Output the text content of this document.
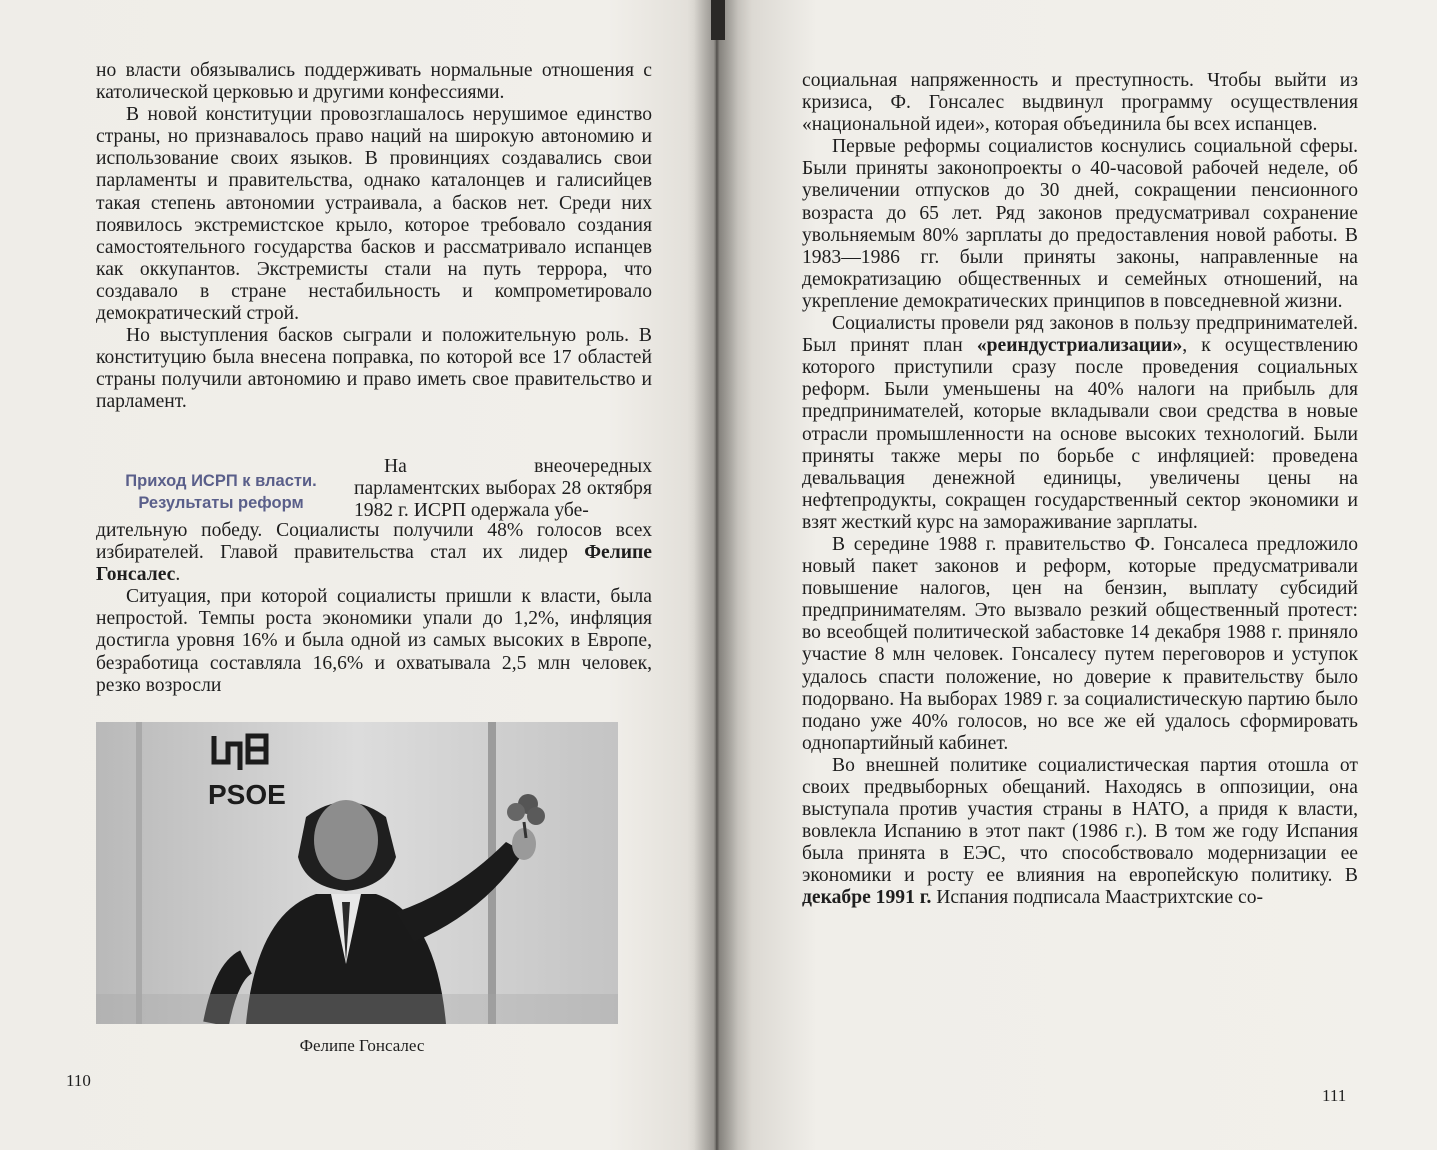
но власти обязывались поддерживать нормальные отношения с католической церковью и другими конфессиями.

В новой конституции провозглашалось нерушимое единство страны, но признавалось право наций на широкую автономию и использование своих языков. В провинциях создавались свои парламенты и правительства, однако каталонцев и галисийцев такая степень автономии устраивала, а басков нет. Среди них появилось экстремистское крыло, которое требовало создания самостоятельного государства басков и рассматривало испанцев как оккупантов. Экстремисты стали на путь террора, что создавало в стране нестабильность и компрометировало демократический строй.

Но выступления басков сыграли и положительную роль. В конституцию была внесена поправка, по которой все 17 областей страны получили автономию и право иметь свое правительство и парламент.

Приход ИСРП к власти.
Результаты реформ
На внеочередных парламентских выборах 28 октября 1982 г. ИСРП одержала убе-

дительную победу. Социалисты получили 48% голосов всех избирателей. Главой правительства стал их лидер Фелипе Гонсалес.

Ситуация, при которой социалисты пришли к власти, была непростой. Темпы роста экономики упали до 1,2%, инфляция достигла уровня 16% и была одной из самых высоких в Европе, безработица составляла 16,6% и охватывала 2,5 млн человек, резко возросли

PSOE
Фелипе Гонсалес
110

социальная напряженность и преступность. Чтобы выйти из кризиса, Ф. Гонсалес выдвинул программу осуществления «национальной идеи», которая объединила бы всех испанцев.

Первые реформы социалистов коснулись социальной сферы. Были приняты законопроекты о 40-часовой рабочей неделе, об увеличении отпусков до 30 дней, сокращении пенсионного возраста до 65 лет. Ряд законов предусматривал сохранение увольняемым 80% зарплаты до предоставления новой работы. В 1983—1986 гг. были приняты законы, направленные на демократизацию общественных и семейных отношений, на укрепление демократических принципов в повседневной жизни.

Социалисты провели ряд законов в пользу предпринимателей. Был принят план «реиндустриализации», к осуществлению которого приступили сразу после проведения социальных реформ. Были уменьшены на 40% налоги на прибыль для предпринимателей, которые вкладывали свои средства в новые отрасли промышленности на основе высоких технологий. Были приняты также меры по борьбе с инфляцией: проведена девальвация денежной единицы, увеличены цены на нефтепродукты, сокращен государственный сектор экономики и взят жесткий курс на замораживание зарплаты.

В середине 1988 г. правительство Ф. Гонсалеса предложило новый пакет законов и реформ, которые предусматривали повышение налогов, цен на бензин, выплату субсидий предпринимателям. Это вызвало резкий общественный протест: во всеобщей политической забастовке 14 декабря 1988 г. приняло участие 8 млн человек. Гонсалесу путем переговоров и уступок удалось спасти положение, но доверие к правительству было подорвано. На выборах 1989 г. за социалистическую партию было подано уже 40% голосов, но все же ей удалось сформировать однопартийный кабинет.

Во внешней политике социалистическая партия отошла от своих предвыборных обещаний. Находясь в оппозиции, она выступала против участия страны в НАТО, а придя к власти, вовлекла Испанию в этот пакт (1986 г.). В том же году Испания была принята в ЕЭС, что способствовало модернизации ее экономики и росту ее влияния на европейскую политику. В декабре 1991 г. Испания подписала Маастрихтские со-

111
